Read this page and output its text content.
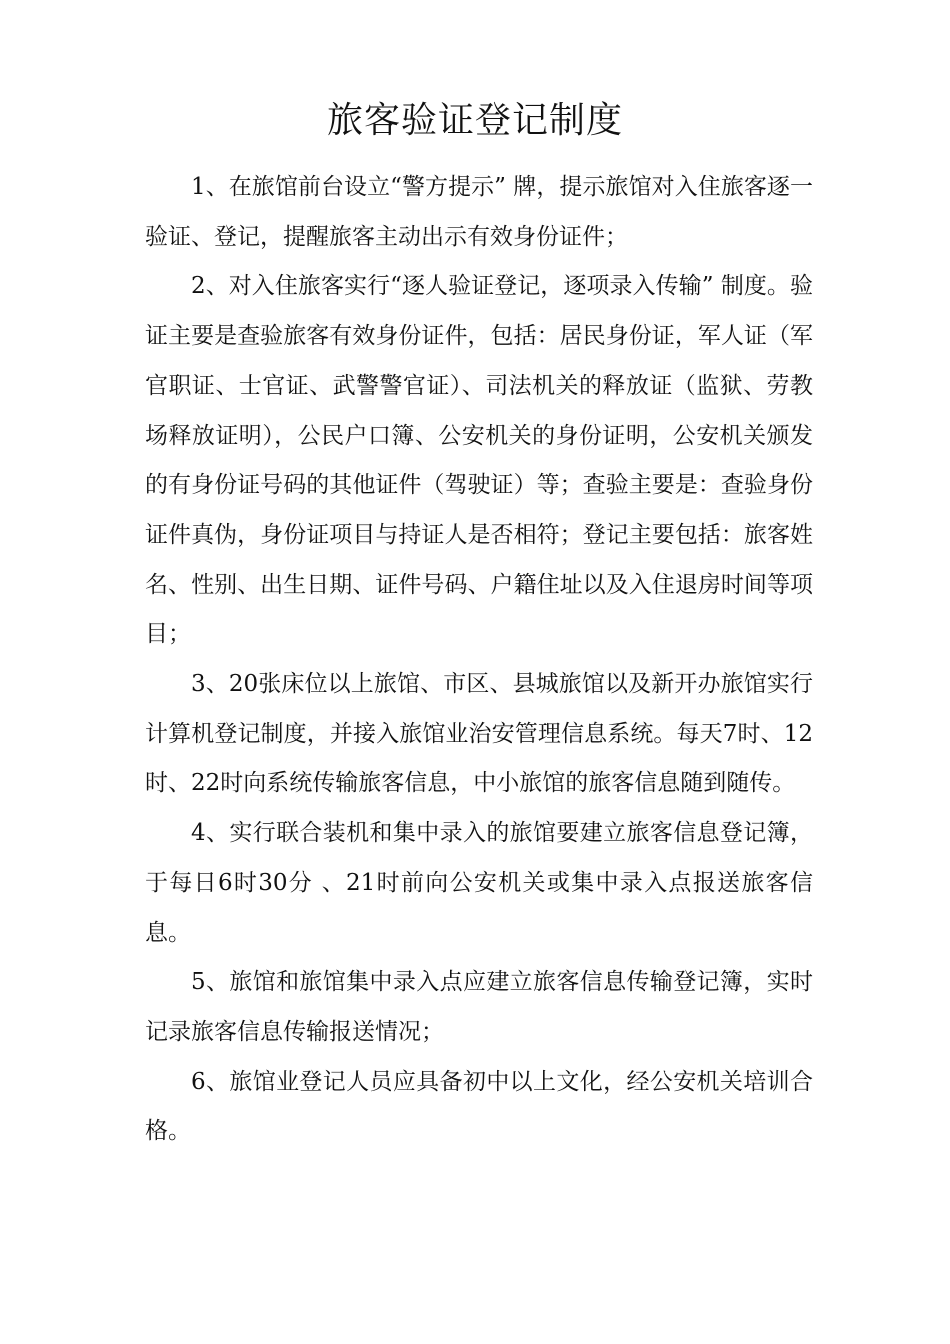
旅客验证登记制度

1、在旅馆前台设立“警方提示” 牌，提示旅馆对入住旅客逐一验证、登记，提醒旅客主动出示有效身份证件；

2、对入住旅客实行“逐人验证登记，逐项录入传输” 制度。验证主要是查验旅客有效身份证件，包括：居民身份证，军人证（军官职证、士官证、武警警官证）、司法机关的释放证（监狱、劳教场释放证明），公民户口簿、公安机关的身份证明，公安机关颁发的有身份证号码的其他证件（驾驶证）等；查验主要是：查验身份证件真伪，身份证项目与持证人是否相符；登记主要包括：旅客姓名、性别、出生日期、证件号码、户籍住址以及入住退房时间等项目；

3、20张床位以上旅馆、市区、县城旅馆以及新开办旅馆实行计算机登记制度，并接入旅馆业治安管理信息系统。每天7时、12时、22时向系统传输旅客信息，中小旅馆的旅客信息随到随传。

4、实行联合装机和集中录入的旅馆要建立旅客信息登记簿，于每日6时30分 、21时前向公安机关或集中录入点报送旅客信息。

5、旅馆和旅馆集中录入点应建立旅客信息传输登记簿，实时记录旅客信息传输报送情况；

6、旅馆业登记人员应具备初中以上文化，经公安机关培训合格。
